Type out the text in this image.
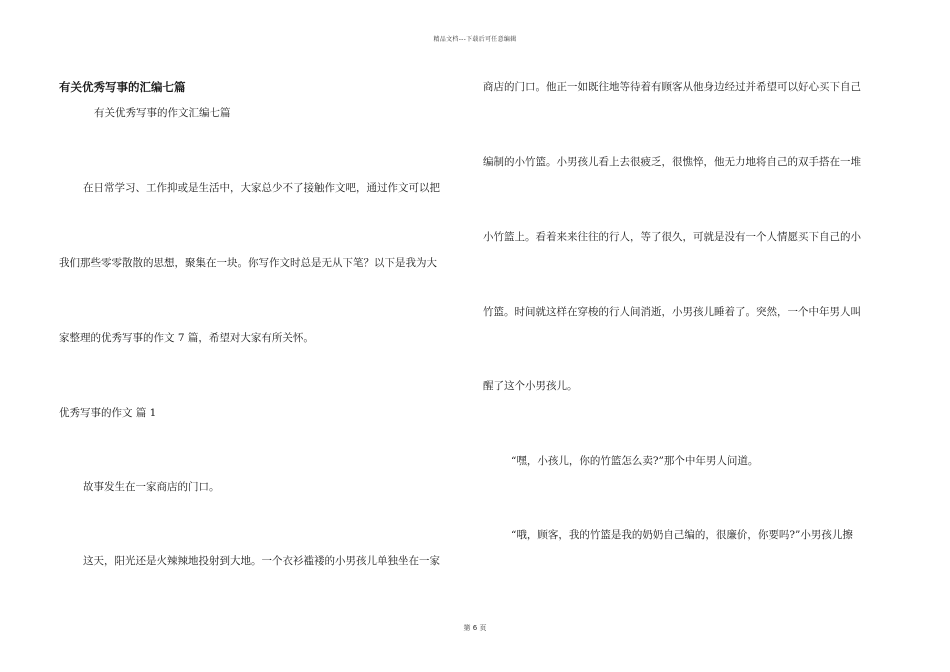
精品文档---下载后可任意编辑
有关优秀写事的汇编七篇
有关优秀写事的作文汇编七篇
在日常学习、工作抑或是生活中，大家总少不了接触作文吧，通过作文可以把
我们那些零零散散的思想，聚集在一块。你写作文时总是无从下笔？以下是我为大
家整理的优秀写事的作文 7 篇，希望对大家有所关怀。
优秀写事的作文 篇 1
故事发生在一家商店的门口。
这天，阳光还是火辣辣地投射到大地。一个衣衫褴褛的小男孩儿单独坐在一家
商店的门口。他正一如既往地等待着有顾客从他身边经过并希望可以好心买下自己
编制的小竹篮。小男孩儿看上去很疲乏，很憔悴，他无力地将自己的双手搭在一堆
小竹篮上。看着来来往往的行人，等了很久，可就是没有一个人情愿买下自己的小
竹篮。时间就这样在穿梭的行人间消逝，小男孩儿睡着了。突然，一个中年男人叫
醒了这个小男孩儿。
“嘿，小孩儿，你的竹篮怎么卖?”那个中年男人问道。
“哦，顾客，我的竹篮是我的奶奶自己编的，很廉价，你要吗?”小男孩儿擦
第 6 页
